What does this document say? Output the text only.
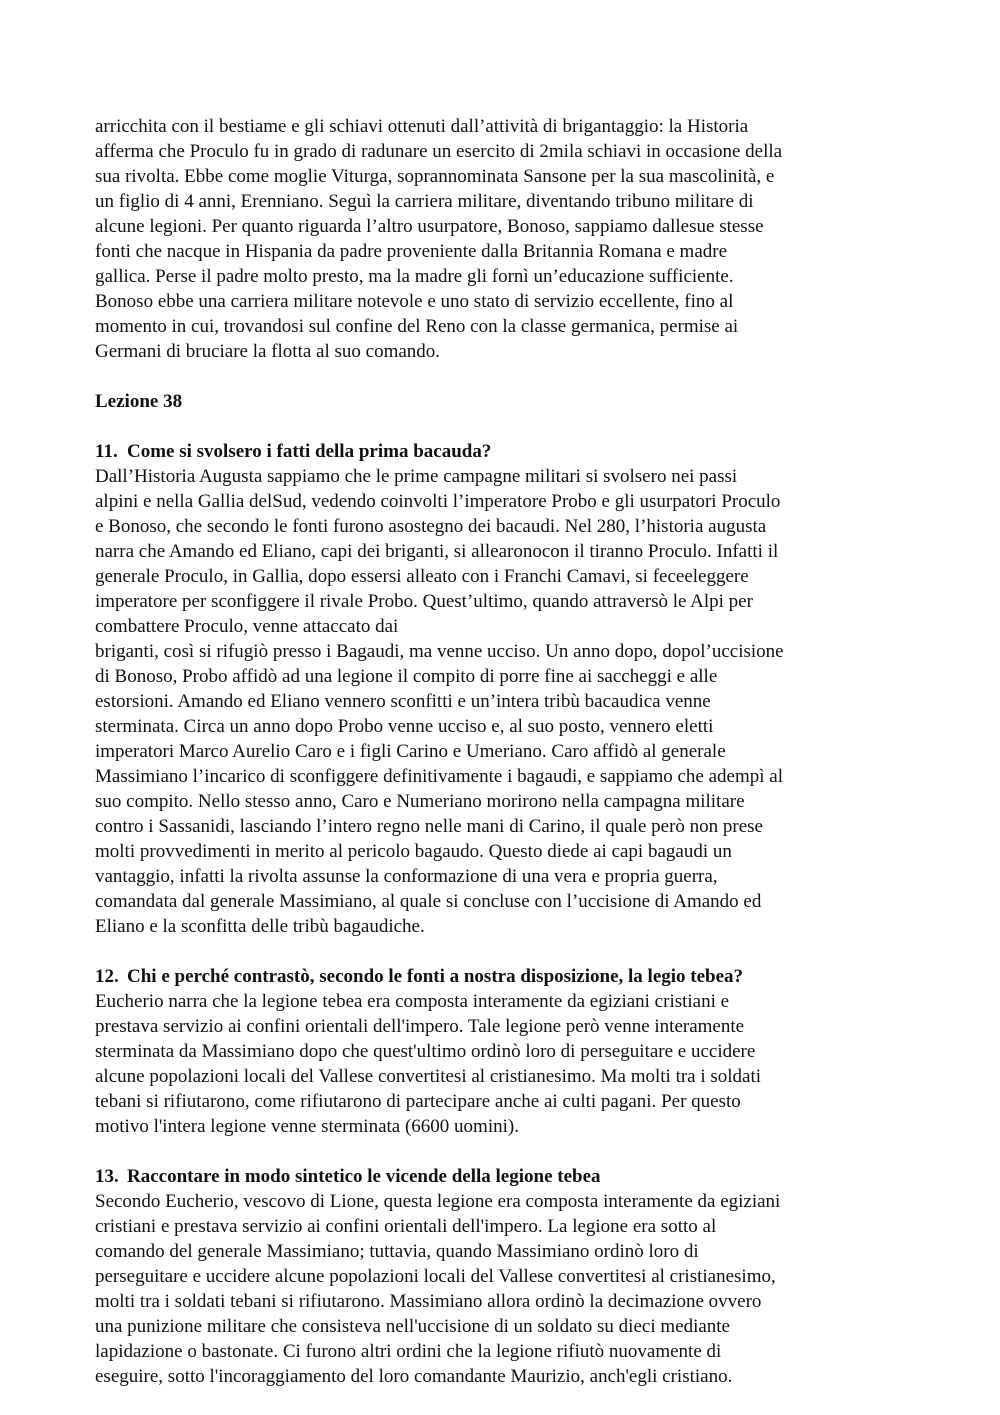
arricchita con il bestiame e gli schiavi ottenuti dall’attività di brigantaggio: la Historia
afferma che Proculo fu in grado di radunare un esercito di 2mila schiavi in occasione della
sua rivolta. Ebbe come moglie Viturga, soprannominata Sansone per la sua mascolinità, e
un figlio di 4 anni, Erenniano. Seguì la carriera militare, diventando tribuno militare di
alcune legioni. Per quanto riguarda l’altro usurpatore, Bonoso, sappiamo dallesue stesse
fonti che nacque in Hispania da padre proveniente dalla Britannia Romana e madre
gallica. Perse il padre molto presto, ma la madre gli fornì un’educazione sufficiente.
Bonoso ebbe una carriera militare notevole e uno stato di servizio eccellente, fino al
momento in cui, trovandosi sul confine del Reno con la classe germanica, permise ai
Germani di bruciare la flotta al suo comando.

Lezione 38

11. Come si svolsero i fatti della prima bacauda?

Dall’Historia Augusta sappiamo che le prime campagne militari si svolsero nei passi
alpini e nella Gallia delSud, vedendo coinvolti l’imperatore Probo e gli usurpatori Proculo
e Bonoso, che secondo le fonti furono asostegno dei bacaudi. Nel 280, l’historia augusta
narra che Amando ed Eliano, capi dei briganti, si allearonocon il tiranno Proculo. Infatti il
generale Proculo, in Gallia, dopo essersi alleato con i Franchi Camavi, si feceeleggere
imperatore per sconfiggere il rivale Probo. Quest’ultimo, quando attraversò le Alpi per
combattere Proculo, venne attaccato dai
briganti, così si rifugiò presso i Bagaudi, ma venne ucciso. Un anno dopo, dopol’uccisione
di Bonoso, Probo affidò ad una legione il compito di porre fine ai saccheggi e alle
estorsioni. Amando ed Eliano vennero sconfitti e un’intera tribù bacaudica venne
sterminata. Circa un anno dopo Probo venne ucciso e, al suo posto, vennero eletti
imperatori Marco Aurelio Caro e i figli Carino e Umeriano. Caro affidò al generale
Massimiano l’incarico di sconfiggere definitivamente i bagaudi, e sappiamo che adempì al
suo compito. Nello stesso anno, Caro e Numeriano morirono nella campagna militare
contro i Sassanidi, lasciando l’intero regno nelle mani di Carino, il quale però non prese
molti provvedimenti in merito al pericolo bagaudo. Questo diede ai capi bagaudi un
vantaggio, infatti la rivolta assunse la conformazione di una vera e propria guerra,
comandata dal generale Massimiano, al quale si concluse con l’uccisione di Amando ed
Eliano e la sconfitta delle tribù bagaudiche.

12. Chi e perché contrastò, secondo le fonti a nostra disposizione, la legio tebea?

Eucherio narra che la legione tebea era composta interamente da egiziani cristiani e
prestava servizio ai confini orientali dell'impero. Tale legione però venne interamente
sterminata da Massimiano dopo che quest'ultimo ordinò loro di perseguitare e uccidere
alcune popolazioni locali del Vallese convertitesi al cristianesimo. Ma molti tra i soldati
tebani si rifiutarono, come rifiutarono di partecipare anche ai culti pagani. Per questo
motivo l'intera legione venne sterminata (6600 uomini).

13. Raccontare in modo sintetico le vicende della legione tebea

Secondo Eucherio, vescovo di Lione, questa legione era composta interamente da egiziani
cristiani e prestava servizio ai confini orientali dell'impero. La legione era sotto al
comando del generale Massimiano; tuttavia, quando Massimiano ordinò loro di
perseguitare e uccidere alcune popolazioni locali del Vallese convertitesi al cristianesimo,
molti tra i soldati tebani si rifiutarono. Massimiano allora ordinò la decimazione ovvero
una punizione militare che consisteva nell'uccisione di un soldato su dieci mediante
lapidazione o bastonate. Ci furono altri ordini che la legione rifiutò nuovamente di
eseguire, sotto l'incoraggiamento del loro comandante Maurizio, anch'egli cristiano.
